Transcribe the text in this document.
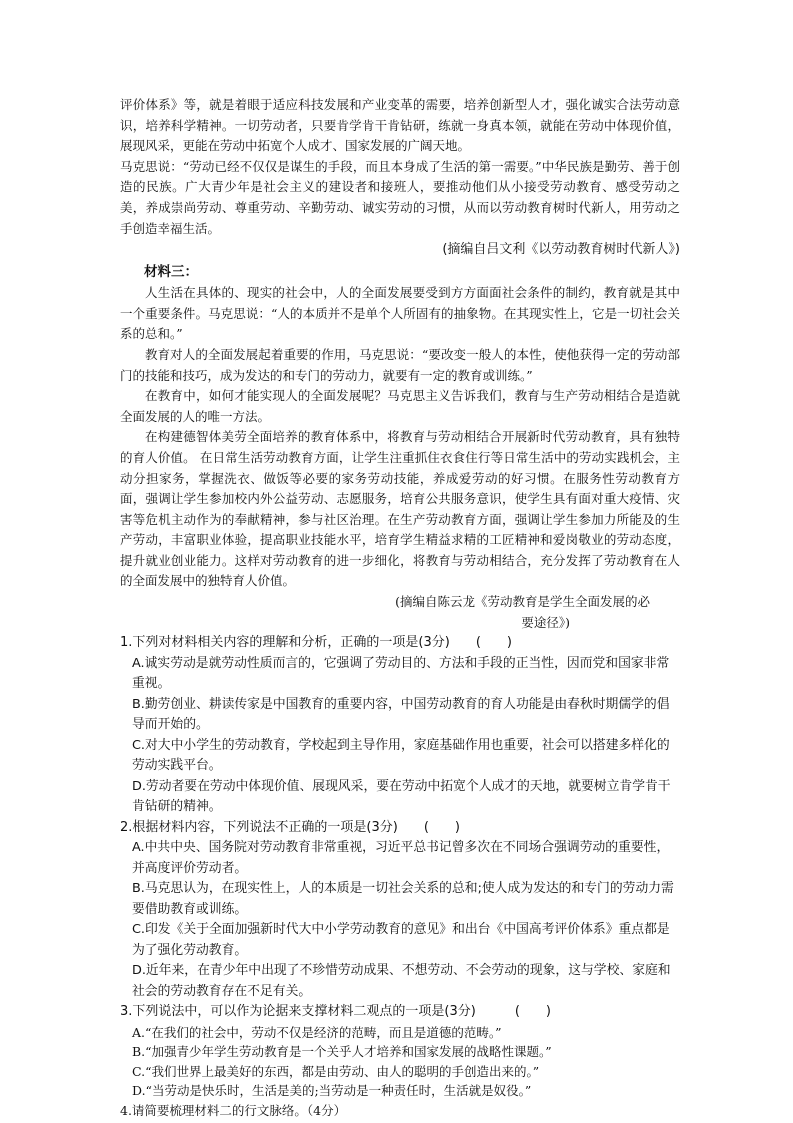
评价体系》等，就是着眼于适应科技发展和产业变革的需要，培养创新型人才，强化诚实合法劳动意识，培养科学精神。一切劳动者，只要肯学肯干肯钻研，练就一身真本领，就能在劳动中体现价值，展现风采，更能在劳动中拓宽个人成才、国家发展的广阔天地。

马克思说：“劳动已经不仅仅是谋生的手段，而且本身成了生活的第一需要。”中华民族是勤劳、善于创造的民族。广大青少年是社会主义的建设者和接班人，要推动他们从小接受劳动教育、感受劳动之美，养成崇尚劳动、尊重劳动、辛勤劳动、诚实劳动的习惯，从而以劳动教育树时代新人，用劳动之手创造幸福生活。

(摘编自吕文利《以劳动教育树时代新人》)

材料三：

人生活在具体的、现实的社会中，人的全面发展要受到方方面面社会条件的制约，教育就是其中一个重要条件。马克思说：“人的本质并不是单个人所固有的抽象物。在其现实性上，它是一切社会关系的总和。”

教育对人的全面发展起着重要的作用，马克思说：“要改变一般人的本性，使他获得一定的劳动部门的技能和技巧，成为发达的和专门的劳动力，就要有一定的教育或训练。”

在教育中，如何才能实现人的全面发展呢？马克思主义告诉我们，教育与生产劳动相结合是造就全面发展的人的唯一方法。

在构建德智体美劳全面培养的教育体系中，将教育与劳动相结合开展新时代劳动教育，具有独特的育人价值。 在日常生活劳动教育方面，让学生注重抓住衣食住行等日常生活中的劳动实践机会，主动分担家务，掌握洗衣、做饭等必要的家务劳动技能，养成爱劳动的好习惯。在服务性劳动教育方面，强调让学生参加校内外公益劳动、志愿服务，培育公共服务意识，使学生具有面对重大疫情、灾害等危机主动作为的奉献精神，参与社区治理。在生产劳动教育方面，强调让学生参加力所能及的生产劳动，丰富职业体验，提高职业技能水平，培育学生精益求精的工匠精神和爱岗敬业的劳动态度，提升就业创业能力。这样对劳动教育的进一步细化，将教育与劳动相结合，充分发挥了劳动教育在人的全面发展中的独特育人价值。

(摘编自陈云龙《劳动教育是学生全面发展的必

要途径》)

1.下列对材料相关内容的理解和分析，正确的一项是(3分)　　(　　)

A.诚实劳动是就劳动性质而言的，它强调了劳动目的、方法和手段的正当性，因而党和国家非常重视。

B.勤劳创业、耕读传家是中国教育的重要内容，中国劳动教育的育人功能是由春秋时期儒学的倡导而开始的。

C.对大中小学生的劳动教育，学校起到主导作用，家庭基础作用也重要，社会可以搭建多样化的劳动实践平台。

D.劳动者要在劳动中体现价值、展现风采，要在劳动中拓宽个人成才的天地，就要树立肯学肯干肯钻研的精神。

2.根据材料内容，下列说法不正确的一项是(3分)　　(　　)

A.中共中央、国务院对劳动教育非常重视，习近平总书记曾多次在不同场合强调劳动的重要性，并高度评价劳动者。

B.马克思认为，在现实性上，人的本质是一切社会关系的总和;使人成为发达的和专门的劳动力需要借助教育或训练。

C.印发《关于全面加强新时代大中小学劳动教育的意见》和出台《中国高考评价体系》重点都是为了强化劳动教育。

D.近年来，在青少年中出现了不珍惜劳动成果、不想劳动、不会劳动的现象，这与学校、家庭和社会的劳动教育存在不足有关。

3.下列说法中，可以作为论据来支撑材料二观点的一项是(3分)　　　(　　)

A.“在我们的社会中，劳动不仅是经济的范畴，而且是道德的范畴。”

B.“加强青少年学生劳动教育是一个关乎人才培养和国家发展的战略性课题。”

C.“我们世界上最美好的东西，都是由劳动、由人的聪明的手创造出来的。”

D.“当劳动是快乐时，生活是美的;当劳动是一种责任时，生活就是奴役。”

4.请简要梳理材料二的行文脉络。（4分）
